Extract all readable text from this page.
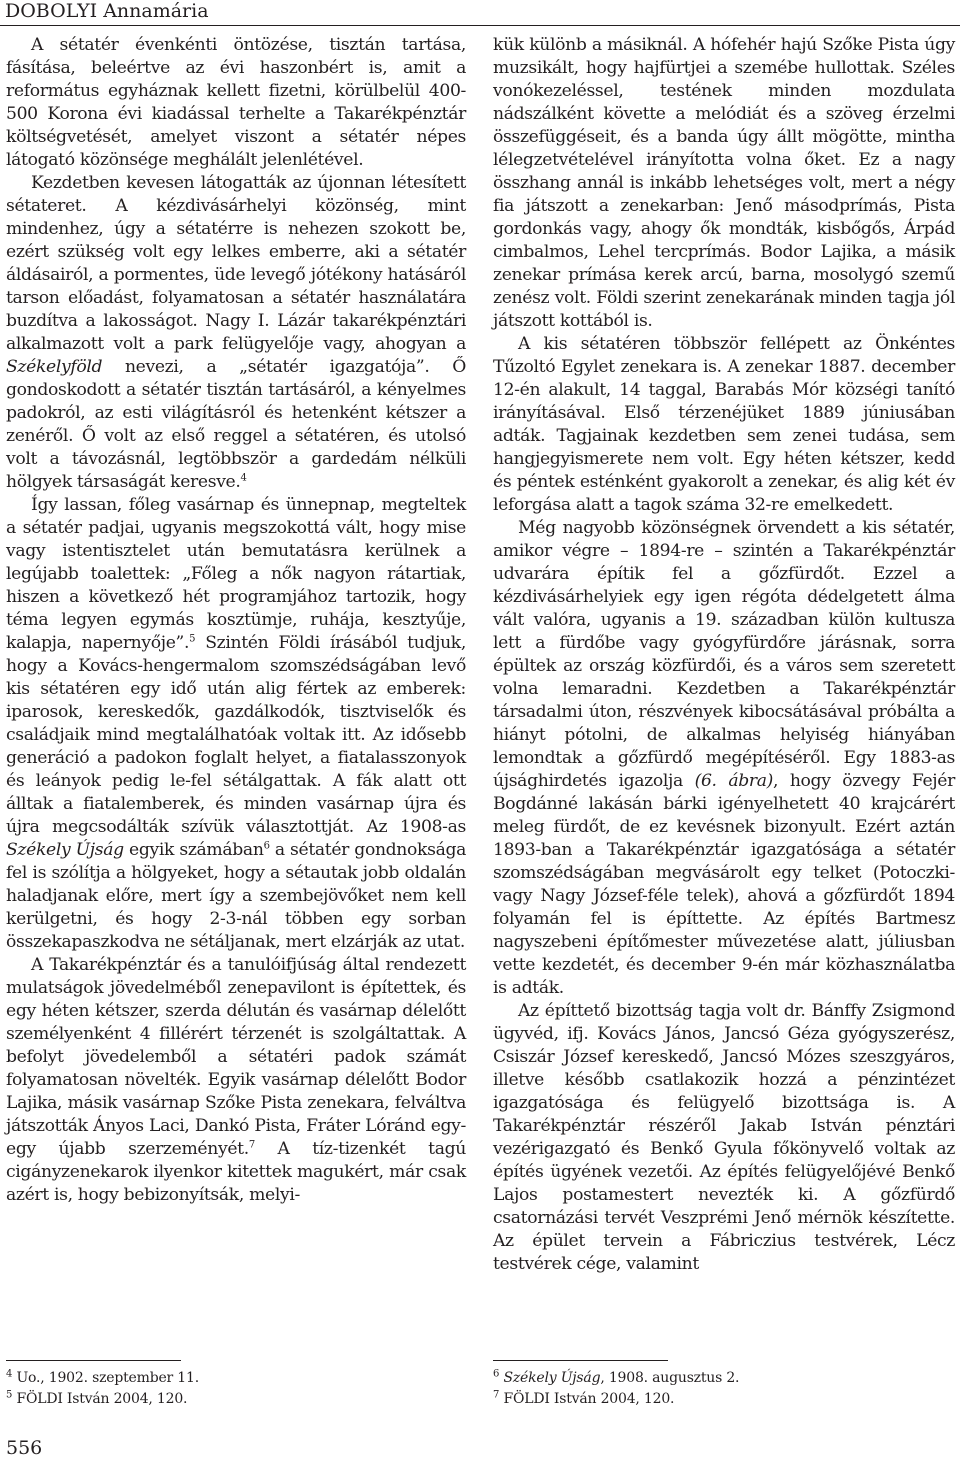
DOBOLYI Annamária

A sétatér évenkénti öntözése, tisztán tartása, fásítása, beleértve az évi haszonbért is, amit a református egyháznak kellett fizetni, körülbelül 400-500 Korona évi kiadással terhelte a Takarékpénztár költségvetését, amelyet viszont a sétatér népes látogató közönsége meghálált jelenlétével.

Kezdetben kevesen látogatták az újonnan létesített sétateret. A kézdivásárhelyi közönség, mint mindenhez, úgy a sétatérre is nehezen szokott be, ezért szükség volt egy lelkes emberre, aki a sétatér áldásairól, a pormentes, üde levegő jótékony hatásáról tarson előadást, folyamatosan a sétatér használatára buzdítva a lakosságot. Nagy I. Lázár takarékpénztári alkalmazott volt a park felügyelője vagy, ahogyan a Székelyföld nevezi, a „sétatér igazgatója”. Ő gondoskodott a sétatér tisztán tartásáról, a kényelmes padokról, az esti világításról és hetenként kétszer a zenéről. Ő volt az első reggel a sétatéren, és utolsó volt a távozásnál, legtöbbször a gardedám nélküli hölgyek társaságát keresve.$^4$

Így lassan, főleg vasárnap és ünnepnap, megteltek a sétatér padjai, ugyanis megszokottá vált, hogy mise vagy istentisztelet után bemutatásra kerülnek a legújabb toalettek: „Főleg a nők nagyon rátartiak, hiszen a következő hét programjához tartozik, hogy téma legyen egymás kosztümje, ruhája, kesztyűje, kalapja, napernyője”.$^5$ Szintén Földi írásából tudjuk, hogy a Kovács-hengermalom szomszédságában levő kis sétatéren egy idő után alig fértek az emberek: iparosok, kereskedők, gazdálkodók, tisztviselők és családjaik mind megtalálhatóak voltak itt. Az idősebb generáció a padokon foglalt helyet, a fiatalasszonyok és leányok pedig le-fel sétálgattak. A fák alatt ott álltak a fiatalemberek, és minden vasárnap újra és újra megcsodálták szívük választottját. Az 1908-as Székely Újság egyik számában$^6$ a sétatér gondnoksága fel is szólítja a hölgyeket, hogy a sétautak jobb oldalán haladjanak előre, mert így a szembejövőket nem kell kerülgetni, és hogy 2-3-nál többen egy sorban összekapaszkodva ne sétáljanak, mert elzárják az utat.

A Takarékpénztár és a tanulóifjúság által rendezett mulatságok jövedelméből zenepavilont is építettek, és egy héten kétszer, szerda délután és vasárnap délelőtt személyenként 4 fillérért térzenét is szolgáltattak. A befolyt jövedelemből a sétatéri padok számát folyamatosan növelték. Egyik vasárnap délelőtt Bodor Lajika, másik vasárnap Szőke Pista zenekara, felváltva játszották Ányos Laci, Dankó Pista, Fráter Lóránd egy-egy újabb szerzeményét.$^7$ A tíz-tizenkét tagú cigányzenekarok ilyenkor kitettek magukért, már csak azért is, hogy bebizonyítsák, melyi-

kük különb a másiknál. A hófehér hajú Szőke Pista úgy muzsikált, hogy hajfürtjei a szemébe hullottak. Széles vonókezeléssel, testének minden mozdulata nádszálként követte a melódiát és a szöveg érzelmi összefüggéseit, és a banda úgy állt mögötte, mintha lélegzetvételével irányította volna őket. Ez a nagy összhang annál is inkább lehetséges volt, mert a négy fia játszott a zenekarban: Jenő másodprímás, Pista gordonkás vagy, ahogy ők mondták, kisbőgős, Árpád cimbalmos, Lehel tercprímás. Bodor Lajika, a másik zenekar prímása kerek arcú, barna, mosolygó szemű zenész volt. Földi szerint zenekarának minden tagja jól játszott kottából is.

A kis sétatéren többször fellépett az Önkéntes Tűzoltó Egylet zenekara is. A zenekar 1887. december 12-én alakult, 14 taggal, Barabás Mór községi tanító irányításával. Első térzenéjüket 1889 júniusában adták. Tagjainak kezdetben sem zenei tudása, sem hangjegyismerete nem volt. Egy héten kétszer, kedd és péntek esténként gyakorolt a zenekar, és alig két év leforgása alatt a tagok száma 32-re emelkedett.

Még nagyobb közönségnek örvendett a kis sétatér, amikor végre – 1894-re – szintén a Takarékpénztár udvarára építik fel a gőzfürdőt. Ezzel a kézdivásárhelyiek egy igen régóta dédelgetett álma vált valóra, ugyanis a 19. században külön kultusza lett a fürdőbe vagy gyógyfürdőre járásnak, sorra épültek az ország közfürdői, és a város sem szeretett volna lemaradni. Kezdetben a Takarékpénztár társadalmi úton, részvények kibocsátásával próbálta a hiányt pótolni, de alkalmas helyiség hiányában lemondtak a gőzfürdő megépítéséről. Egy 1883-as újsághirdetés igazolja (6. ábra), hogy özvegy Fejér Bogdánné lakásán bárki igényelhetett 40 krajcárért meleg fürdőt, de ez kevésnek bizonyult. Ezért aztán 1893-ban a Takarékpénztár igazgatósága a sétatér szomszédságában megvásárolt egy telket (Potoczki- vagy Nagy József-féle telek), ahová a gőzfürdőt 1894 folyamán fel is építtette. Az építés Bartmesz nagyszebeni építőmester művezetése alatt, júliusban vette kezdetét, és december 9-én már közhasználatba is adták.

Az építtető bizottság tagja volt dr. Bánffy Zsigmond ügyvéd, ifj. Kovács János, Jancsó Géza gyógyszerész, Csiszár József kereskedő, Jancsó Mózes szeszgyáros, illetve később csatlakozik hozzá a pénzintézet igazgatósága és felügyelő bizottsága is. A Takarékpénztár részéről Jakab István pénztári vezérigazgató és Benkő Gyula főkönyvelő voltak az építés ügyének vezetői. Az építés felügyelőjévé Benkő Lajos postamestert nevezték ki. A gőzfürdő csatornázási tervét Veszprémi Jenő mérnök készítette. Az épület tervein a Fábriczius testvérek, Lécz testvérek cége, valamint

$^4$ Uo., 1902. szeptember 11.
$^5$ FÖLDI István 2004, 120.
$^6$ Székely Újság, 1908. augusztus 2.
$^7$ FÖLDI István 2004, 120.
556
